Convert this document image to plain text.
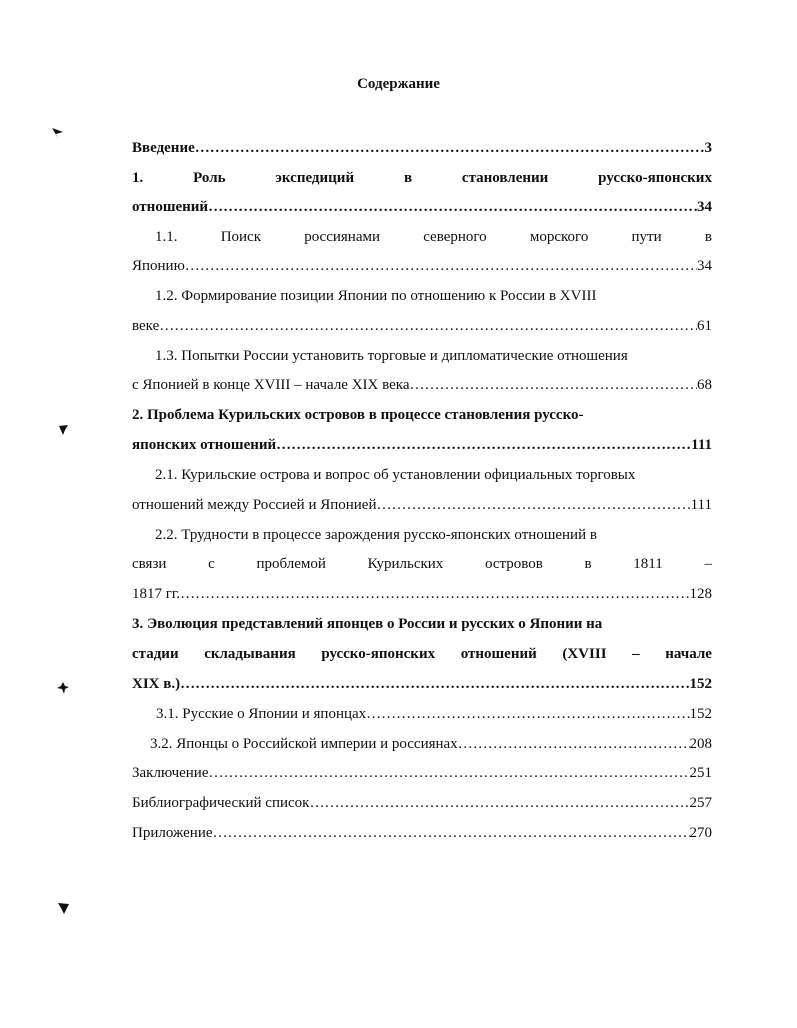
Содержание
Введение …………………………………………………………………………………………………………………………………………………………………………………………	3
1.	Роль	экспедиций	в	становлении	русско-японских
отношений …………………………………………………………………………………………………………………………………………………………………………………………	34
1.1.	Поиск	россиянами	северного	морского	пути	в
Японию …………………………………………………………………………………………………………………………………………………………………………………………	34
1.2. Формирование позиции Японии по отношению к России в XVIII
веке …………………………………………………………………………………………………………………………………………………………………………………………	61
1.3. Попытки России установить торговые и дипломатические отношения
с Японией в конце XVIII – начале XIX века …………………………………………………………………………………………………………………………………………………………………………………………	68
2. Проблема Курильских островов в процессе становления русско-
японских отношений …………………………………………………………………………………………………………………………………………………………………………………………	111
2.1. Курильские острова и вопрос об установлении официальных торговых
отношений между Россией и Японией …………………………………………………………………………………………………………………………………………………………………………………………	111
2.2. Трудности в процессе зарождения русско-японских отношений в
связи	с	проблемой	Курильских	островов	в	1811	–
1817 гг. …………………………………………………………………………………………………………………………………………………………………………………………	128
3. Эволюция представлений японцев о России и русских о Японии на
стадии складывания русско-японских отношений (XVIII – начале
XIX в.) …………………………………………………………………………………………………………………………………………………………………………………………	152
3.1. Русские о Японии и японцах …………………………………………………………………………………………………………………………………………………………………………………………	152
3.2. Японцы о Российской империи и россиянах …………………………………………………………………………………………………………………………………………………………………………………………	208
Заключение …………………………………………………………………………………………………………………………………………………………………………………………	251
Библиографический список …………………………………………………………………………………………………………………………………………………………………………………………	257
Приложение …………………………………………………………………………………………………………………………………………………………………………………………	270
